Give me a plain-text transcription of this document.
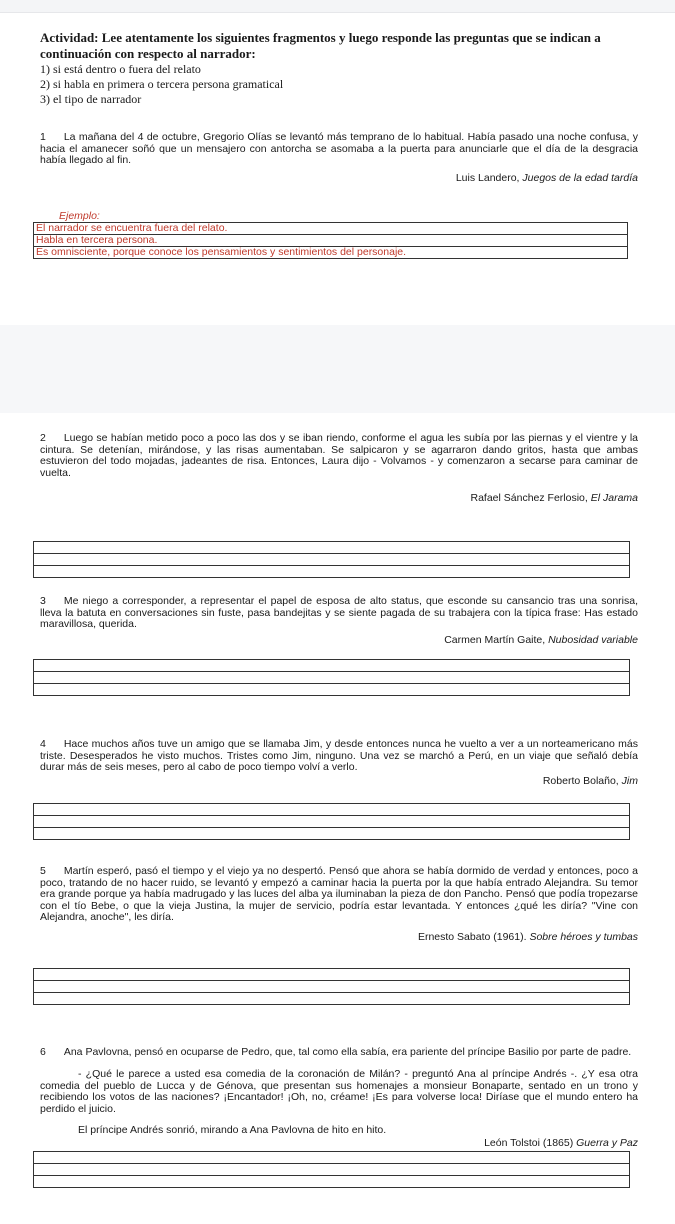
Actividad: Lee atentamente los siguientes fragmentos y luego responde las preguntas que se indican a continuación con respecto al narrador:
1) si está dentro o fuera del relato
2) si habla en primera o tercera persona gramatical
3) el tipo de narrador
1 La mañana del 4 de octubre, Gregorio Olías se levantó más temprano de lo habitual. Había pasado una noche confusa, y hacia el amanecer soñó que un mensajero con antorcha se asomaba a la puerta para anunciarle que el día de la desgracia había llegado al fin.
Luis Landero, Juegos de la edad tardía
Ejemplo:
El narrador se encuentra fuera del relato.
Habla en tercera persona.
Es omnisciente, porque conoce los pensamientos y sentimientos del personaje.
2 Luego se habían metido poco a poco las dos y se iban riendo, conforme el agua les subía por las piernas y el vientre y la cintura. Se detenían, mirándose, y las risas aumentaban. Se salpicaron y se agarraron dando gritos, hasta que ambas estuvieron del todo mojadas, jadeantes de risa. Entonces, Laura dijo - Volvamos - y comenzaron a secarse para caminar de vuelta.
Rafael Sánchez Ferlosio, El Jarama
3 Me niego a corresponder, a representar el papel de esposa de alto status, que esconde su cansancio tras una sonrisa, lleva la batuta en conversaciones sin fuste, pasa bandejitas y se siente pagada de su trabajera con la típica frase: Has estado maravillosa, querida.
Carmen Martín Gaite, Nubosidad variable
4 Hace muchos años tuve un amigo que se llamaba Jim, y desde entonces nunca he vuelto a ver a un norteamericano más triste. Desesperados he visto muchos. Tristes como Jim, ninguno. Una vez se marchó a Perú, en un viaje que señaló debía durar más de seis meses, pero al cabo de poco tiempo volví a verlo.
Roberto Bolaño, Jim
5 Martín esperó, pasó el tiempo y el viejo ya no despertó. Pensó que ahora se había dormido de verdad y entonces, poco a poco, tratando de no hacer ruido, se levantó y empezó a caminar hacia la puerta por la que había entrado Alejandra. Su temor era grande porque ya había madrugado y las luces del alba ya iluminaban la pieza de don Pancho. Pensó que podía tropezarse con el tío Bebe, o que la vieja Justina, la mujer de servicio, podría estar levantada. Y entonces ¿qué les diría? "Vine con Alejandra, anoche", les diría.
Ernesto Sabato (1961). Sobre héroes y tumbas
6 Ana Pavlovna, pensó en ocuparse de Pedro, que, tal como ella sabía, era pariente del príncipe Basilio por parte de padre.
- ¿Qué le parece a usted esa comedia de la coronación de Milán? - preguntó Ana al príncipe Andrés -. ¿Y esa otra comedia del pueblo de Lucca y de Génova, que presentan sus homenajes a monsieur Bonaparte, sentado en un trono y recibiendo los votos de las naciones? ¡Encantador! ¡Oh, no, créame! ¡Es para volverse loca! Diríase que el mundo entero ha perdido el juicio.
El príncipe Andrés sonrió, mirando a Ana Pavlovna de hito en hito.
León Tolstoi (1865) Guerra y Paz
